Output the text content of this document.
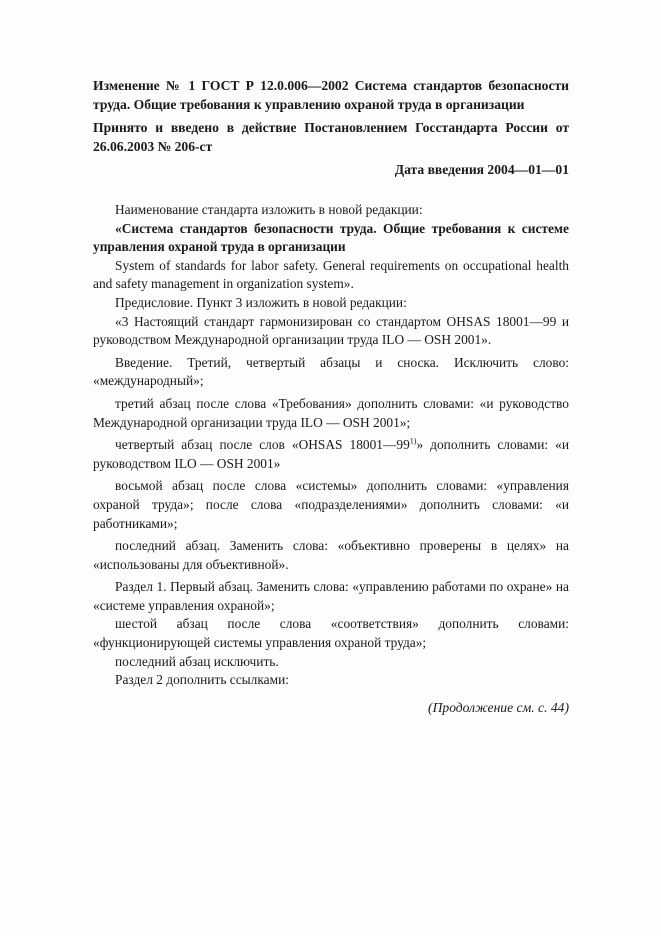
Изменение № 1 ГОСТ Р 12.0.006—2002 Система стандартов безопасности труда. Общие требования к управлению охраной труда в организации

Принято и введено в действие Постановлением Госстандарта России от 26.06.2003 № 206-ст

Дата введения 2004—01—01

Наименование стандарта изложить в новой редакции:

«Система стандартов безопасности труда. Общие требования к системе управления охраной труда в организации

System of standards for labor safety. General requirements on occupational health and safety management in organization system».

Предисловие. Пункт 3 изложить в новой редакции:

«3 Настоящий стандарт гармонизирован со стандартом OHSAS 18001—99 и руководством Международной организации труда ILO — OSH 2001».

Введение. Третий, четвертый абзацы и сноска. Исключить слово: «международный»;

третий абзац после слова «Требования» дополнить словами: «и руководство Международной организации труда ILO — OSH 2001»;

четвертый абзац после слов «OHSAS 18001—99$^{1)}$» дополнить словами: «и руководством ILO — OSH 2001»

восьмой абзац после слова «системы» дополнить словами: «управления охраной труда»; после слова «подразделениями» дополнить словами: «и работниками»;

последний абзац. Заменить слова: «объективно проверены в целях» на «использованы для объективной».

Раздел 1. Первый абзац. Заменить слова: «управлению работами по охране» на «системе управления охраной»;

шестой абзац после слова «соответствия» дополнить словами: «функционирующей системы управления охраной труда»;

последний абзац исключить.

Раздел 2 дополнить ссылками:

(Продолжение см. с. 44)
